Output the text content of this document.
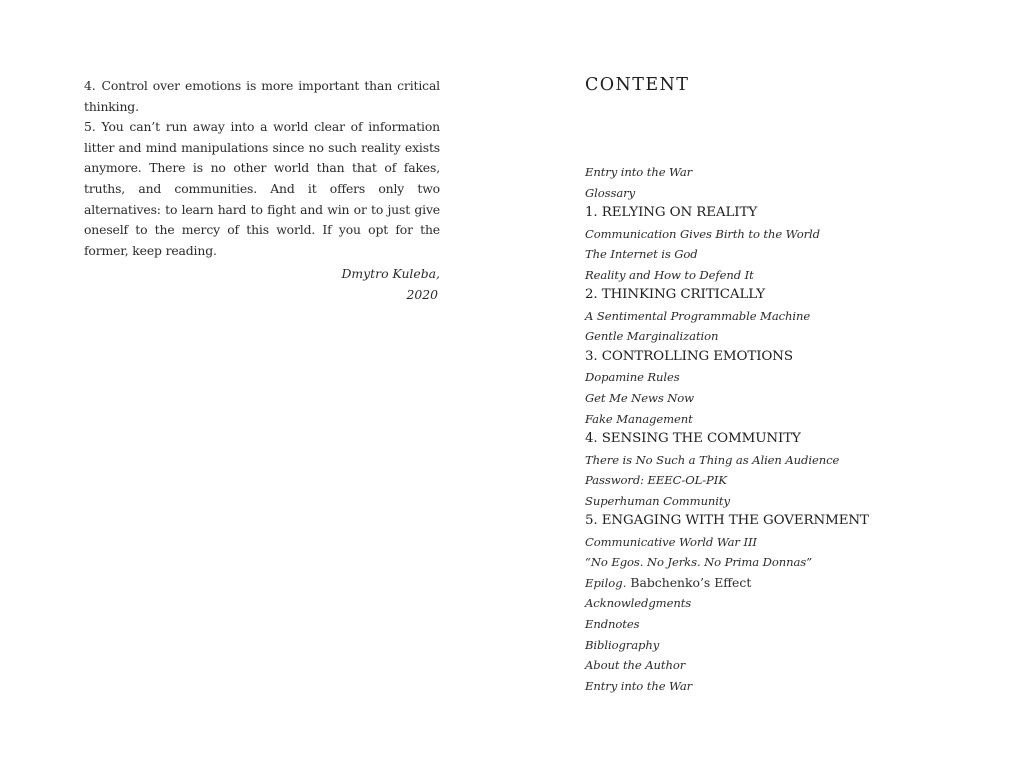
4. Control over emotions is more important than critical thinking.

5. You can’t run away into a world clear of information litter and mind manipulations since no such reality exists anymore. There is no other world than that of fakes, truths, and communities. And it offers only two alternatives: to learn hard to fight and win or to just give oneself to the mercy of this world. If you opt for the former, keep reading.

Dmytro Kuleba,
2020
CONTENT
Entry into the War
Glossary
1. RELYING ON REALITY
Communication Gives Birth to the World
The Internet is God
Reality and How to Defend It
2. THINKING CRITICALLY
A Sentimental Programmable Machine
Gentle Marginalization
3. CONTROLLING EMOTIONS
Dopamine Rules
Get Me News Now
Fake Management
4. SENSING THE COMMUNITY
There is No Such a Thing as Alien Audience
Password: EEEC-OL-PIK
Superhuman Community
5. ENGAGING WITH THE GOVERNMENT
Communicative World War III
“No Egos. No Jerks. No Prima Donnas”
Epilog. Babchenko’s Effect
Acknowledgments
Endnotes
Bibliography
About the Author
Entry into the War
